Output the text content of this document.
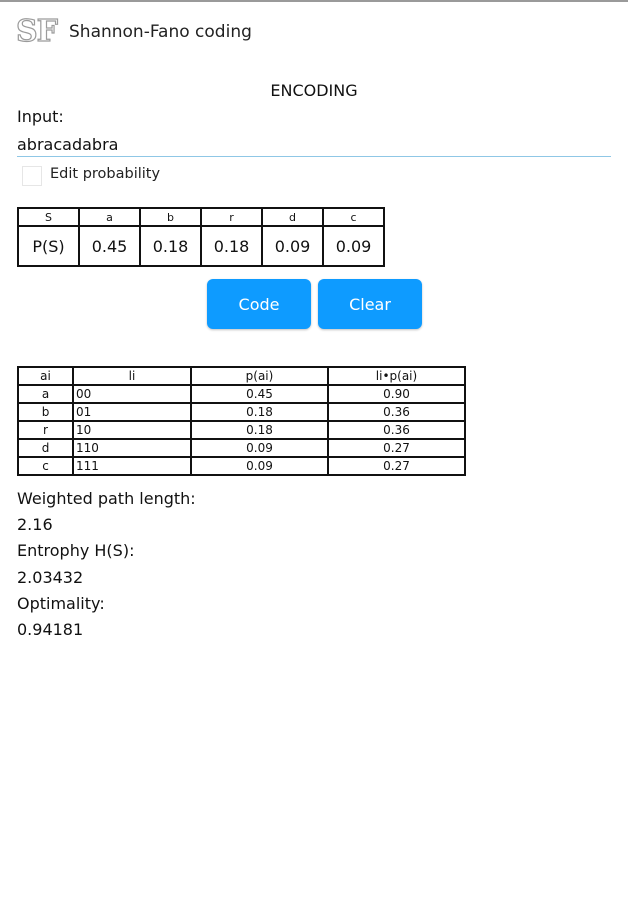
SF Shannon-Fano coding
ENCODING
Input:
abracadabra
Edit probability
S	a	b	r	d	c
P(S)	0.45	0.18	0.18	0.09	0.09
Code	Clear
ai	li	p(ai)	li•p(ai)
a	00	0.45	0.90
b	01	0.18	0.36
r	10	0.18	0.36
d	110	0.09	0.27
c	111	0.09	0.27
Weighted path length:
2.16
Entrophy H(S):
2.03432
Optimality:
0.94181
